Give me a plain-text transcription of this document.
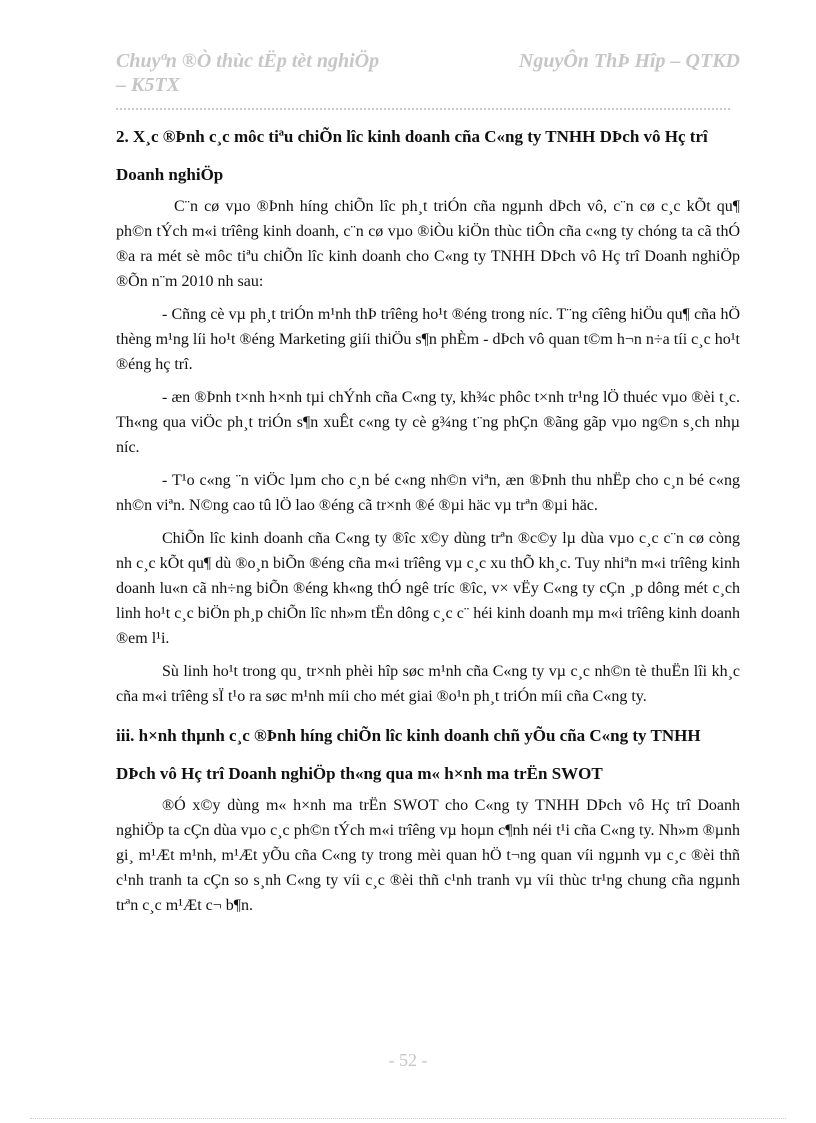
Chuyªn ®Ò thùc tËp tèt nghiÖp	NguyÔn ThÞ Hîp – QTKD
– K5TX
2. X¸c ®Þnh c¸c môc tiªu chiÕn lîc kinh doanh cña C«ng ty TNHH DÞch vô Hç trî Doanh nghiÖp

C¨n cø vµo ®Þnh híng chiÕn lîc ph¸t triÓn cña ngµnh dÞch vô, c¨n cø c¸c kÕt qu¶ ph©n tÝch m«i trîêng kinh doanh, c¨n cø vµo ®iÒu kiÖn thùc tiÔn cña c«ng ty chóng ta cã thÓ ®a ra mét sè môc tiªu chiÕn lîc kinh doanh cho C«ng ty TNHH DÞch vô Hç trî Doanh nghiÖp ®Õn n¨m 2010 nh sau:

- Cñng cè vµ ph¸t triÓn m¹nh thÞ trîêng ho¹t ®éng trong níc. T¨ng cîêng hiÖu qu¶ cña hÖ thèng m¹ng líi ho¹t ®éng Marketing giíi thiÖu s¶n phÈm - dÞch vô quan t©m h¬n n÷a tíi c¸c ho¹t ®éng hç trî.

- æn ®Þnh t×nh h×nh tµi chÝnh cña C«ng ty, kh¾c phôc t×nh tr¹ng lÖ thuéc vµo ®èi t¸c. Th«ng qua viÖc ph¸t triÓn s¶n xuÊt c«ng ty cè g¾ng t¨ng phÇn ®ãng gãp vµo ng©n s¸ch nhµ níc.

- T¹o c«ng ¨n viÖc lµm cho c¸n bé c«ng nh©n viªn, æn ®Þnh thu nhËp cho c¸n bé c«ng nh©n viªn. N©ng cao tû lÖ lao ®éng cã tr×nh ®é ®µi häc vµ trªn ®µi häc.

ChiÕn lîc kinh doanh cña C«ng ty ®îc x©y dùng trªn ®c©y lµ dùa vµo c¸c c¨n cø còng nh c¸c kÕt qu¶ dù ®o¸n biÕn ®éng cña m«i trîêng vµ c¸c xu thÕ kh¸c. Tuy nhiªn m«i trîêng kinh doanh lu«n cã nh÷ng biÕn ®éng kh«ng thÓ ngê tríc ®îc, v× vËy C«ng ty cÇn ¸p dông mét c¸ch linh ho¹t c¸c biÖn ph¸p chiÕn lîc nh»m tËn dông c¸c c¨ héi kinh doanh mµ m«i trîêng kinh doanh ®em l¹i.

Sù linh ho¹t trong qu¸ tr×nh phèi hîp søc m¹nh cña C«ng ty vµ c¸c nh©n tè thuËn lîi kh¸c cña m«i trîêng sÏ t¹o ra søc m¹nh míi cho mét giai ®o¹n ph¸t triÓn míi cña C«ng ty.

iii. h×nh thµnh c¸c ®Þnh híng chiÕn lîc kinh doanh chñ yÕu cña C«ng ty TNHH DÞch vô Hç trî Doanh nghiÖp th«ng qua m« h×nh ma trËn SWOT

®Ó x©y dùng m« h×nh ma trËn SWOT cho C«ng ty TNHH DÞch vô Hç trî Doanh nghiÖp ta cÇn dùa vµo c¸c ph©n tÝch m«i trîêng vµ hoµn c¶nh néi t¹i cña C«ng ty. Nh»m ®µnh gi¸ m¹Æt m¹nh, m¹Æt yÕu cña C«ng ty trong mèi quan hÖ t¬ng quan víi ngµnh vµ c¸c ®èi thñ c¹nh tranh ta cÇn so s¸nh C«ng ty víi c¸c ®èi thñ c¹nh tranh vµ víi thùc tr¹ng chung cña ngµnh trªn c¸c m¹Æt c¬ b¶n.

- 52 -
